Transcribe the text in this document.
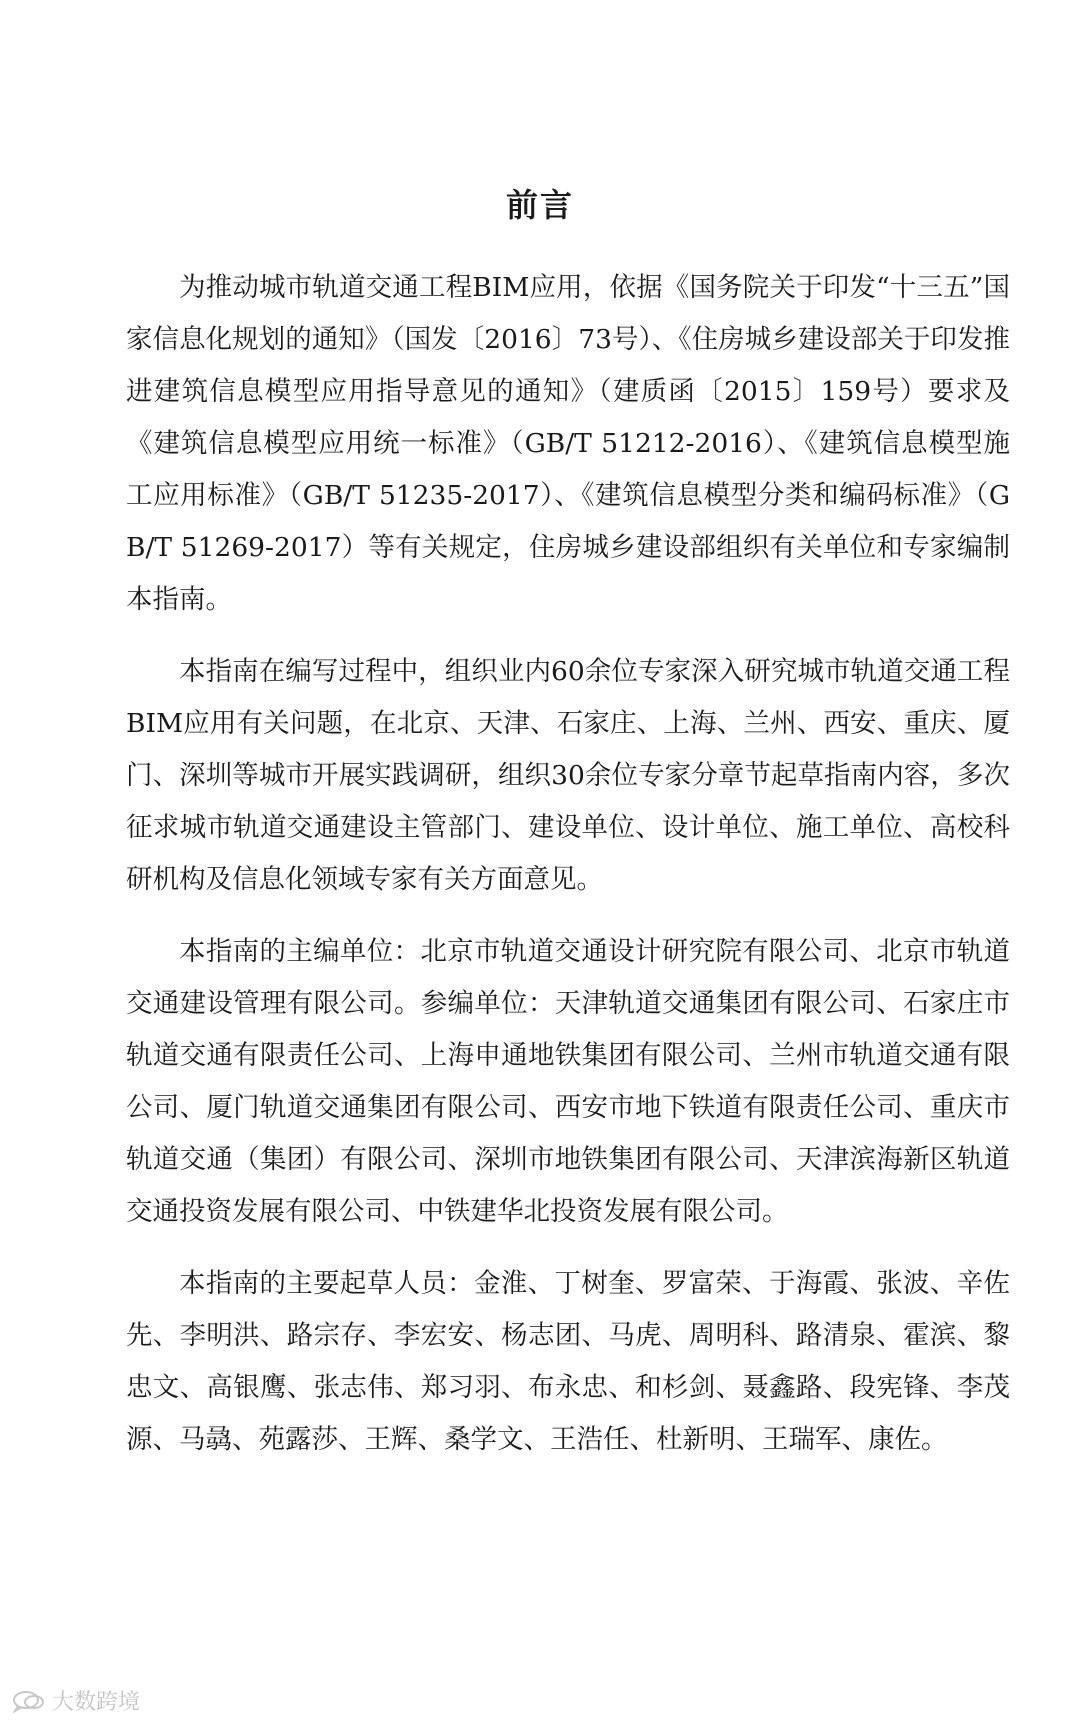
前言

为推动城市轨道交通工程BIM应用，依据《国务院关于印发“十三五”国家信息化规划的通知》（国发〔2016〕73号）、《住房城乡建设部关于印发推进建筑信息模型应用指导意见的通知》（建质函〔2015〕159号）要求及《建筑信息模型应用统一标准》（GB/T 51212-2016）、《建筑信息模型施工应用标准》（GB/T 51235-2017）、《建筑信息模型分类和编码标准》（GB/T 51269-2017）等有关规定，住房城乡建设部组织有关单位和专家编制本指南。

本指南在编写过程中，组织业内60余位专家深入研究城市轨道交通工程BIM应用有关问题，在北京、天津、石家庄、上海、兰州、西安、重庆、厦门、深圳等城市开展实践调研，组织30余位专家分章节起草指南内容，多次征求城市轨道交通建设主管部门、建设单位、设计单位、施工单位、高校科研机构及信息化领域专家有关方面意见。

本指南的主编单位：北京市轨道交通设计研究院有限公司、北京市轨道交通建设管理有限公司。参编单位：天津轨道交通集团有限公司、石家庄市轨道交通有限责任公司、上海申通地铁集团有限公司、兰州市轨道交通有限公司、厦门轨道交通集团有限公司、西安市地下铁道有限责任公司、重庆市轨道交通（集团）有限公司、深圳市地铁集团有限公司、天津滨海新区轨道交通投资发展有限公司、中铁建华北投资发展有限公司。

本指南的主要起草人员：金淮、丁树奎、罗富荣、于海霞、张波、辛佐先、李明洪、路宗存、李宏安、杨志团、马虎、周明科、路清泉、霍滨、黎忠文、高银鹰、张志伟、郑习羽、布永忠、和杉剑、聂鑫路、段宪锋、李茂源、马骉、苑露莎、王辉、桑学文、王浩任、杜新明、王瑞军、康佐。

大数跨境
